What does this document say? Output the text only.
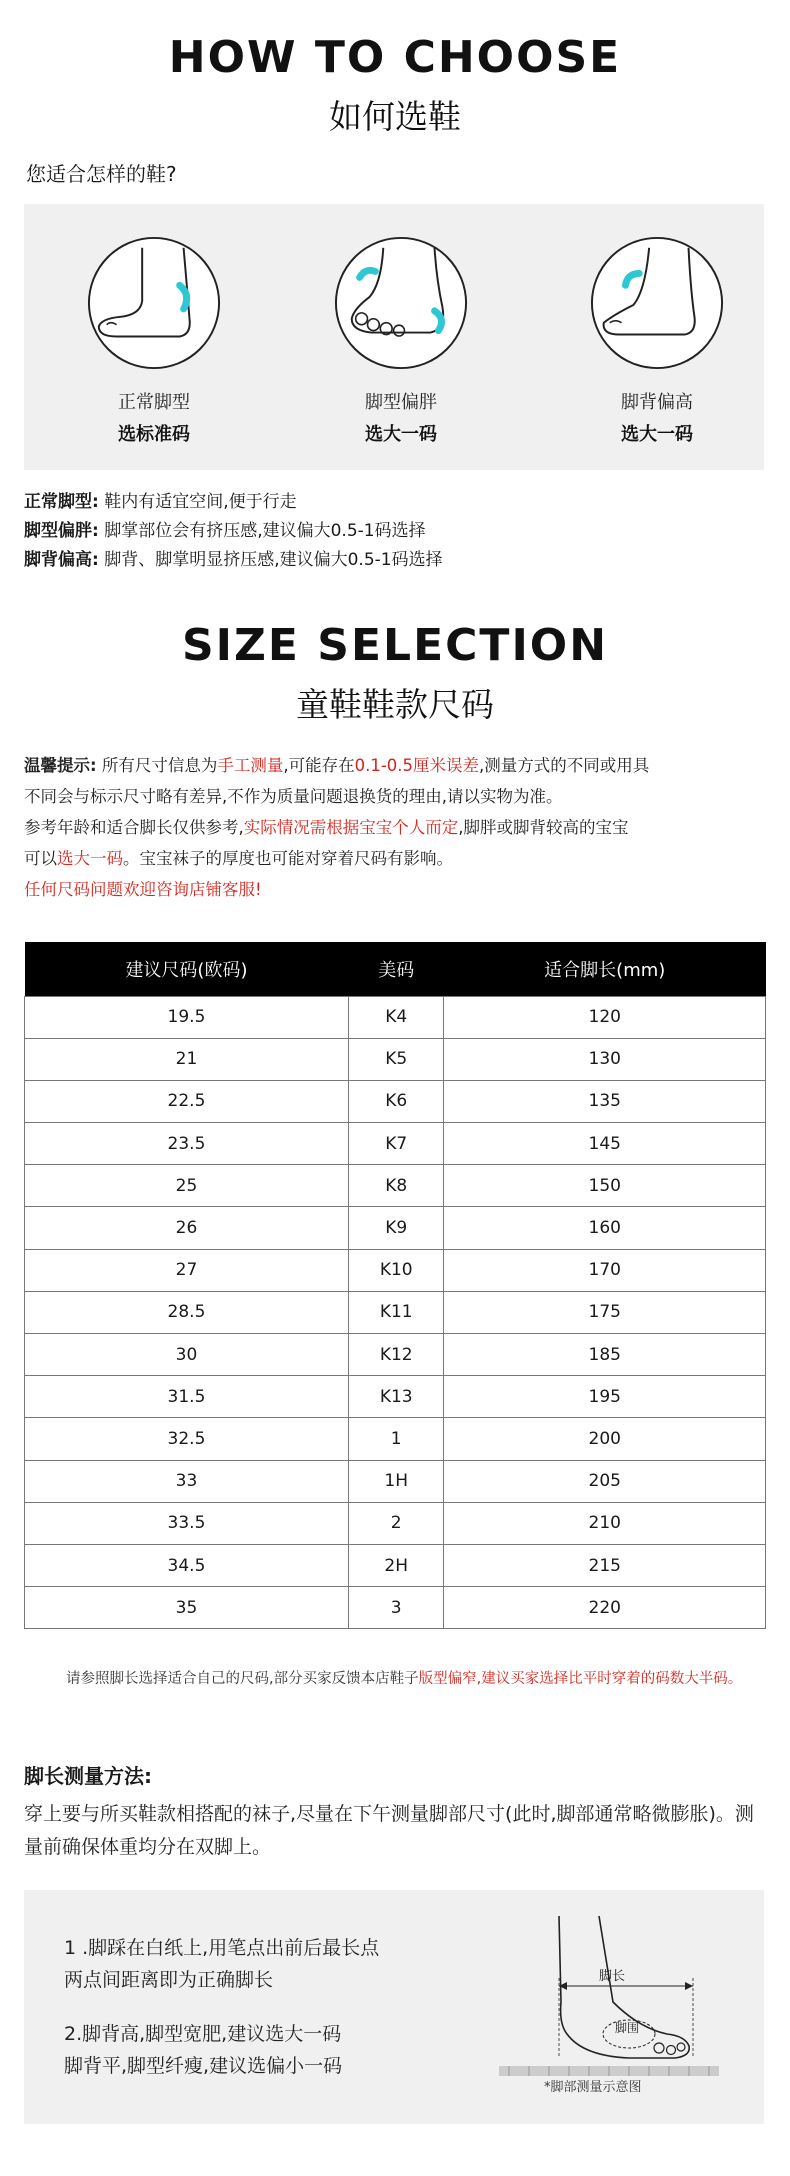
HOW TO CHOOSE
如何选鞋
您适合怎样的鞋?
正常脚型
选标准码
脚型偏胖
选大一码
脚背偏高
选大一码
正常脚型: 鞋内有适宜空间,便于行走
脚型偏胖: 脚掌部位会有挤压感,建议偏大0.5-1码选择
脚背偏高: 脚背、脚掌明显挤压感,建议偏大0.5-1码选择
SIZE SELECTION
童鞋鞋款尺码
温馨提示: 所有尺寸信息为手工测量,可能存在0.1-0.5厘米误差,测量方式的不同或用具
不同会与标示尺寸略有差异,不作为质量问题退换货的理由,请以实物为准。
参考年龄和适合脚长仅供参考,实际情况需根据宝宝个人而定,脚胖或脚背较高的宝宝
可以选大一码。宝宝袜子的厚度也可能对穿着尺码有影响。
任何尺码问题欢迎咨询店铺客服!
建议尺码(欧码)	美码	适合脚长(mm)
19.5	K4	120
21	K5	130
22.5	K6	135
23.5	K7	145
25	K8	150
26	K9	160
27	K10	170
28.5	K11	175
30	K12	185
31.5	K13	195
32.5	1	200
33	1H	205
33.5	2	210
34.5	2H	215
35	3	220
请参照脚长选择适合自己的尺码,部分买家反馈本店鞋子版型偏窄,建议买家选择比平时穿着的码数大半码。
脚长测量方法:
穿上要与所买鞋款相搭配的袜子,尽量在下午测量脚部尺寸(此时,脚部通常略微膨胀)。测量前确保体重均分在双脚上。
1 .脚踩在白纸上,用笔点出前后最长点
两点间距离即为正确脚长
2.脚背高,脚型宽肥,建议选大一码
脚背平,脚型纤瘦,建议选偏小一码
脚长
脚围
*脚部测量示意图
